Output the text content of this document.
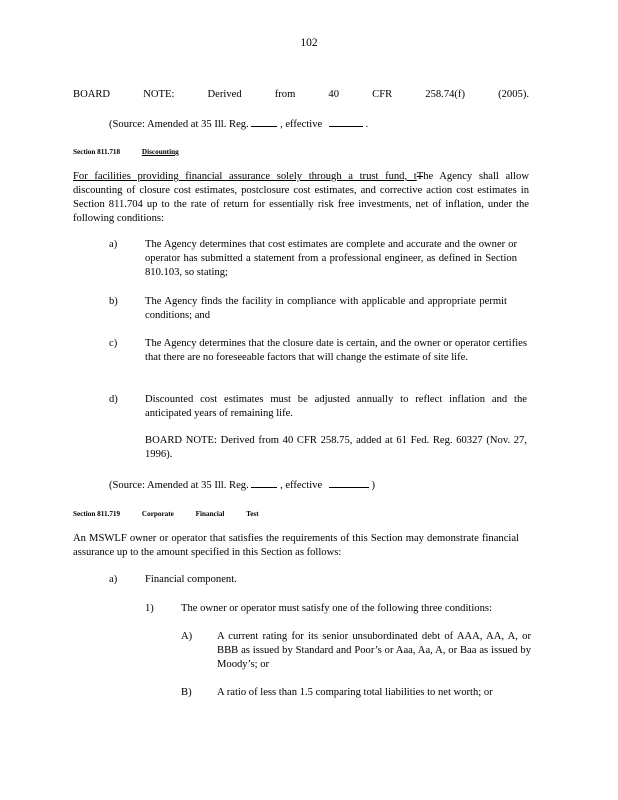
102
BOARD NOTE: Derived from 40 CFR 258.74(f) (2005).
(Source: Amended at 35 Ill. Reg.	, effective	.
Section 811.718	Discounting
For facilities providing financial assurance solely through a trust fund, tThe Agency shall allow
discounting of closure cost estimates, postclosure cost estimates, and corrective action cost estimates in Section 811.704 up to the rate of return for essentially risk free investments, net of inflation, under the following conditions:
a)	The Agency determines that cost estimates are complete and accurate and the owner or operator has submitted a statement from a professional engineer, as defined in Section 810.103, so stating;
b)	The Agency finds the facility in compliance with applicable and appropriate permit conditions; and
c)	The Agency determines that the closure date is certain, and the owner or operator certifies that there are no foreseeable factors that will change the estimate of site life.
d)	Discounted cost estimates must be adjusted annually to reflect inflation and the anticipated years of remaining life.
BOARD NOTE: Derived from 40 CFR 258.75, added at 61 Fed. Reg. 60327 (Nov. 27, 1996).
(Source: Amended at 35 Ill. Reg.	, effective	)
Section 811.719	Corporate	Financial	Test
An MSWLF owner or operator that satisfies the requirements of this Section may demonstrate financial assurance up to the amount specified in this Section as follows:
a)	Financial component.
1)	The owner or operator must satisfy one of the following three conditions:
A)	A current rating for its senior unsubordinated debt of AAA, AA, A, or BBB as issued by Standard and Poor’s or Aaa, Aa, A, or Baa as issued by Moody’s; or
B)	A ratio of less than 1.5 comparing total liabilities to net worth; or
